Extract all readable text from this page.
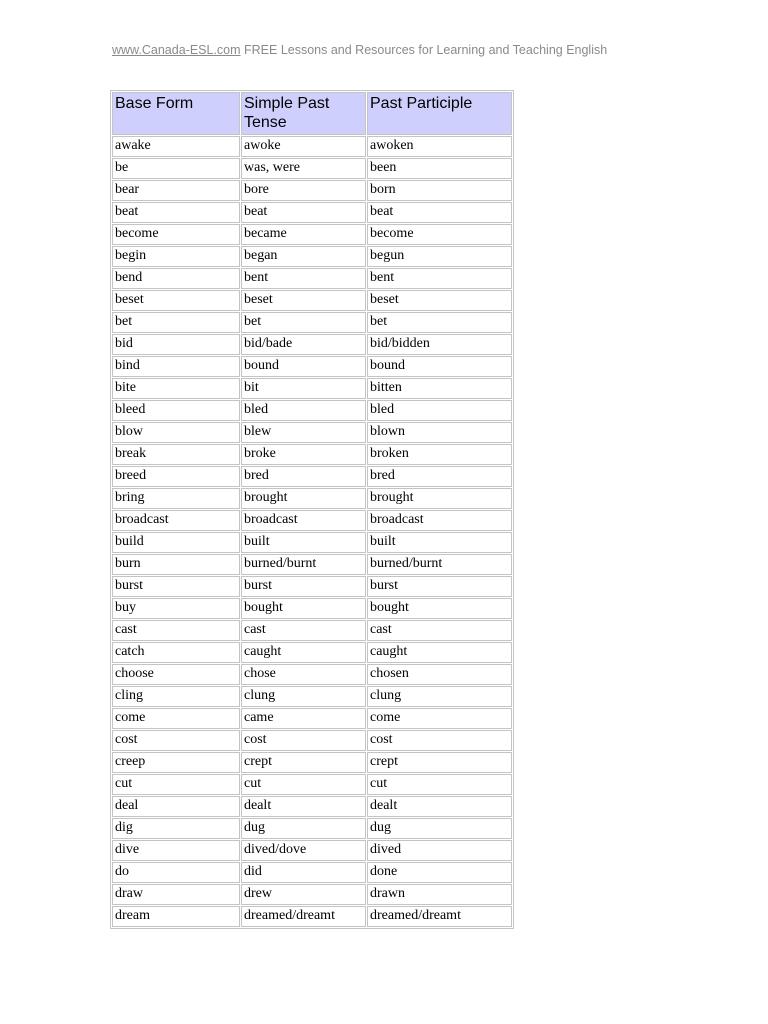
www.Canada-ESL.com FREE Lessons and Resources for Learning and Teaching English
Base Form	Simple Past Tense	Past Participle
awake	awoke	awoken
be	was, were	been
bear	bore	born
beat	beat	beat
become	became	become
begin	began	begun
bend	bent	bent
beset	beset	beset
bet	bet	bet
bid	bid/bade	bid/bidden
bind	bound	bound
bite	bit	bitten
bleed	bled	bled
blow	blew	blown
break	broke	broken
breed	bred	bred
bring	brought	brought
broadcast	broadcast	broadcast
build	built	built
burn	burned/burnt	burned/burnt
burst	burst	burst
buy	bought	bought
cast	cast	cast
catch	caught	caught
choose	chose	chosen
cling	clung	clung
come	came	come
cost	cost	cost
creep	crept	crept
cut	cut	cut
deal	dealt	dealt
dig	dug	dug
dive	dived/dove	dived
do	did	done
draw	drew	drawn
dream	dreamed/dreamt	dreamed/dreamt
